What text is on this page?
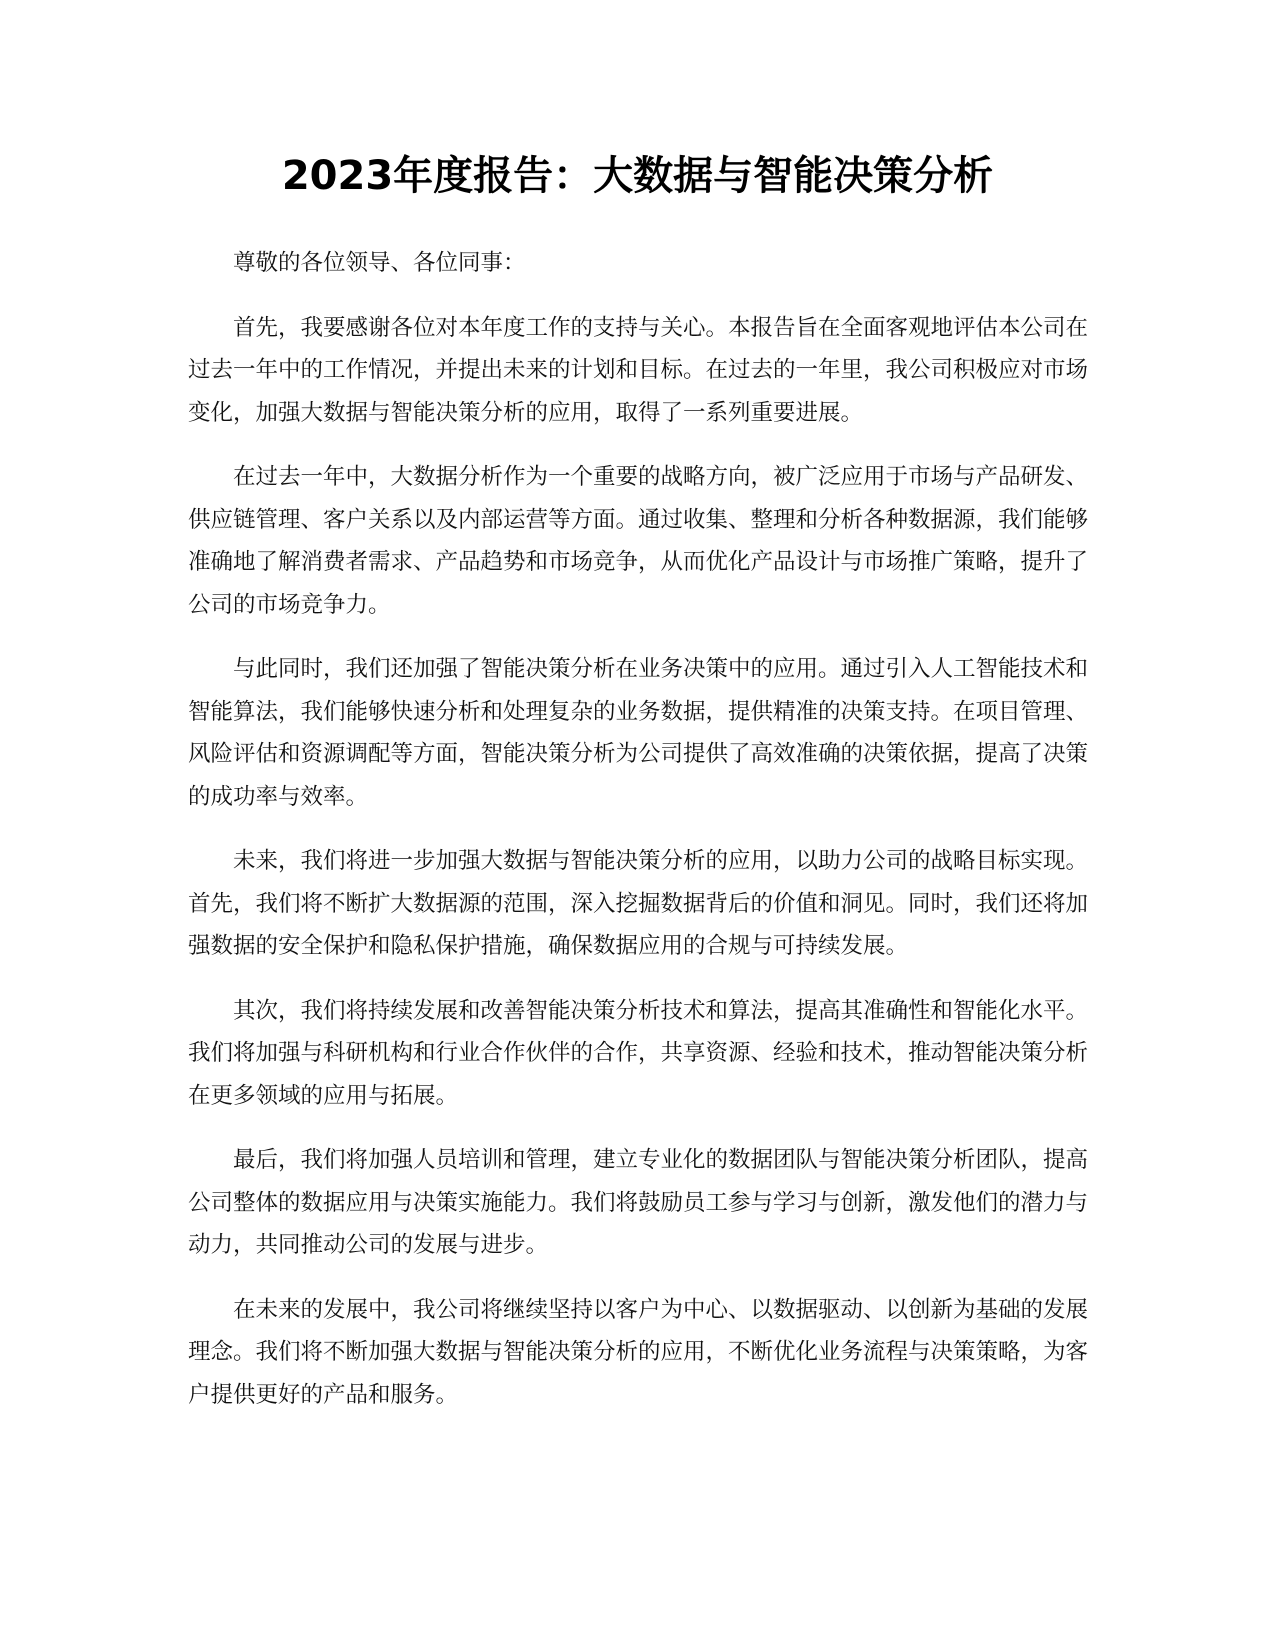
2023年度报告：大数据与智能决策分析

尊敬的各位领导、各位同事：

首先，我要感谢各位对本年度工作的支持与关心。本报告旨在全面客观地评估本公司在过去一年中的工作情况，并提出未来的计划和目标。在过去的一年里，我公司积极应对市场变化，加强大数据与智能决策分析的应用，取得了一系列重要进展。

在过去一年中，大数据分析作为一个重要的战略方向，被广泛应用于市场与产品研发、供应链管理、客户关系以及内部运营等方面。通过收集、整理和分析各种数据源，我们能够准确地了解消费者需求、产品趋势和市场竞争，从而优化产品设计与市场推广策略，提升了公司的市场竞争力。

与此同时，我们还加强了智能决策分析在业务决策中的应用。通过引入人工智能技术和智能算法，我们能够快速分析和处理复杂的业务数据，提供精准的决策支持。在项目管理、风险评估和资源调配等方面，智能决策分析为公司提供了高效准确的决策依据，提高了决策的成功率与效率。

未来，我们将进一步加强大数据与智能决策分析的应用，以助力公司的战略目标实现。首先，我们将不断扩大数据源的范围，深入挖掘数据背后的价值和洞见。同时，我们还将加强数据的安全保护和隐私保护措施，确保数据应用的合规与可持续发展。

其次，我们将持续发展和改善智能决策分析技术和算法，提高其准确性和智能化水平。我们将加强与科研机构和行业合作伙伴的合作，共享资源、经验和技术，推动智能决策分析在更多领域的应用与拓展。

最后，我们将加强人员培训和管理，建立专业化的数据团队与智能决策分析团队，提高公司整体的数据应用与决策实施能力。我们将鼓励员工参与学习与创新，激发他们的潜力与动力，共同推动公司的发展与进步。

在未来的发展中，我公司将继续坚持以客户为中心、以数据驱动、以创新为基础的发展理念。我们将不断加强大数据与智能决策分析的应用，不断优化业务流程与决策策略，为客户提供更好的产品和服务。
